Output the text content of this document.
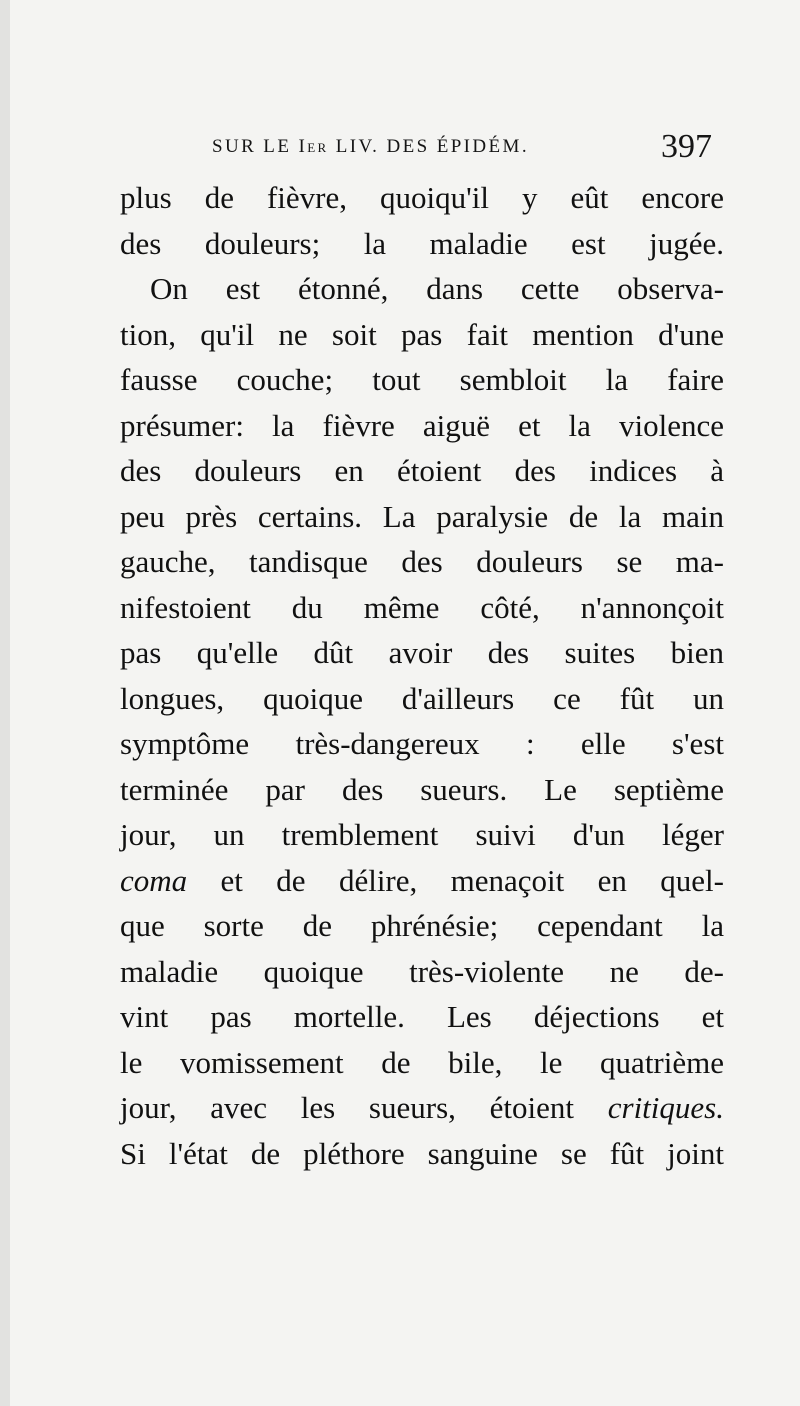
SUR LE Ier LIV. DES ÉPIDÉM.	397
plus de fièvre, quoiqu'il y eût encore
des douleurs; la maladie est jugée.
On est étonné, dans cette observa-
tion, qu'il ne soit pas fait mention d'une
fausse couche; tout sembloit la faire
présumer: la fièvre aiguë et la violence
des douleurs en étoient des indices à
peu près certains. La paralysie de la main
gauche, tandisque des douleurs se ma-
nifestoient du même côté, n'annonçoit
pas qu'elle dût avoir des suites bien
longues, quoique d'ailleurs ce fût un
symptôme très-dangereux : elle s'est
terminée par des sueurs. Le septième
jour, un tremblement suivi d'un léger
coma et de délire, menaçoit en quel-
que sorte de phrénésie; cependant la
maladie quoique très-violente ne de-
vint pas mortelle. Les déjections et
le vomissement de bile, le quatrième
jour, avec les sueurs, étoient critiques.
Si l'état de pléthore sanguine se fût joint
